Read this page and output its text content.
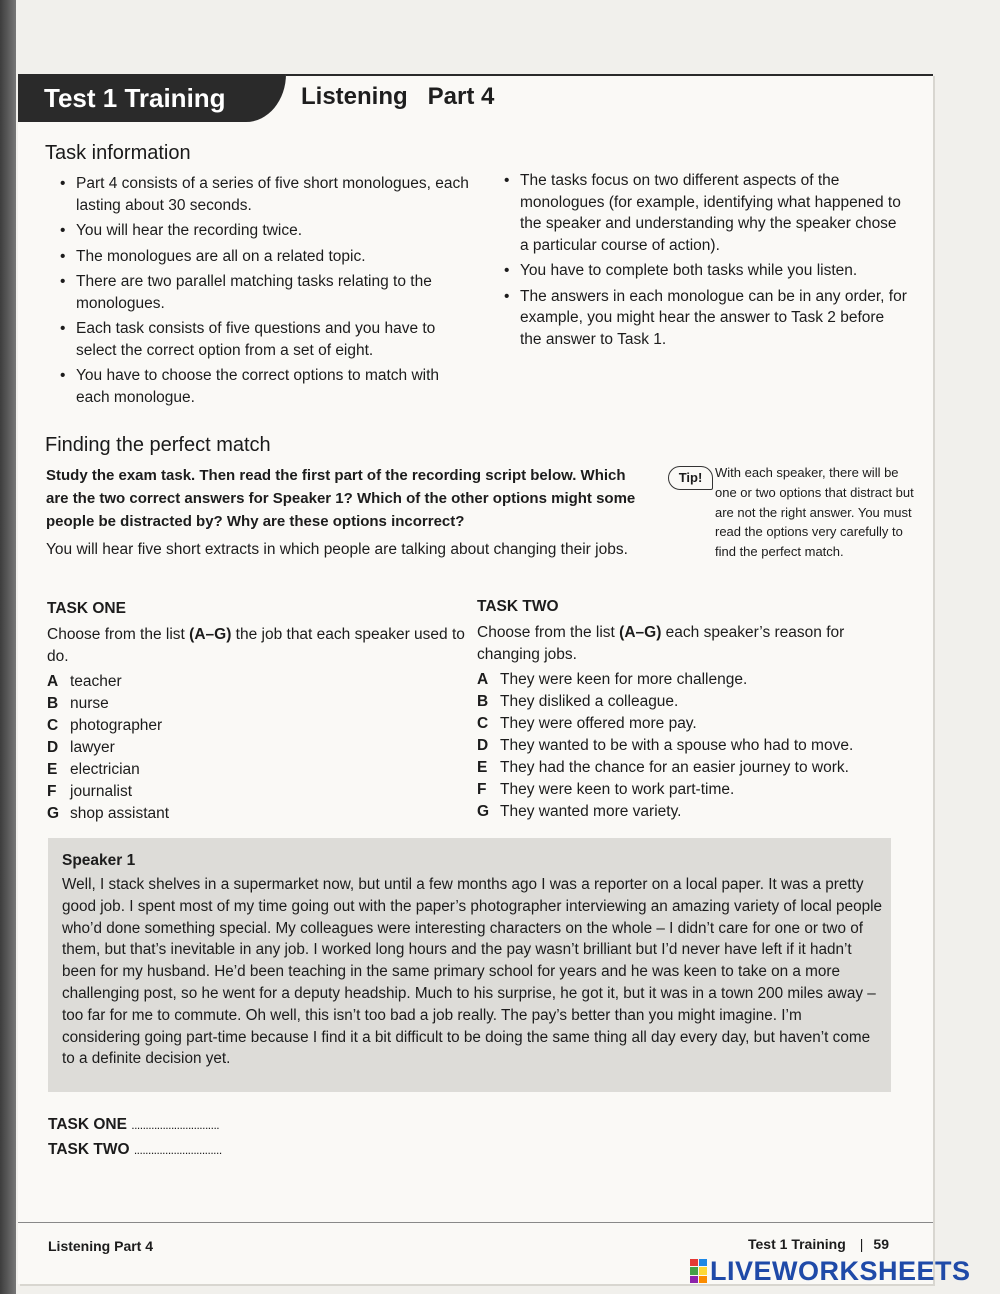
Test 1 Training	Listening Part 4
Task information
• Part 4 consists of a series of five short monologues, each lasting about 30 seconds.
• You will hear the recording twice.
• The monologues are all on a related topic.
• There are two parallel matching tasks relating to the monologues.
• Each task consists of five questions and you have to select the correct option from a set of eight.
• You have to choose the correct options to match with each monologue.
• The tasks focus on two different aspects of the monologues (for example, identifying what happened to the speaker and understanding why the speaker chose a particular course of action).
• You have to complete both tasks while you listen.
• The answers in each monologue can be in any order, for example, you might hear the answer to Task 2 before the answer to Task 1.
Finding the perfect match
Study the exam task. Then read the first part of the recording script below. Which are the two correct answers for Speaker 1? Which of the other options might some people be distracted by? Why are these options incorrect?
You will hear five short extracts in which people are talking about changing their jobs.
Tip! With each speaker, there will be one or two options that distract but are not the right answer. You must read the options very carefully to find the perfect match.
TASK ONE
Choose from the list (A–G) the job that each speaker used to do.
A teacher
B nurse
C photographer
D lawyer
E electrician
F journalist
G shop assistant
TASK TWO
Choose from the list (A–G) each speaker’s reason for changing jobs.
A They were keen for more challenge.
B They disliked a colleague.
C They were offered more pay.
D They wanted to be with a spouse who had to move.
E They had the chance for an easier journey to work.
F They were keen to work part-time.
G They wanted more variety.
Speaker 1
Well, I stack shelves in a supermarket now, but until a few months ago I was a reporter on a local paper. It was a pretty good job. I spent most of my time going out with the paper’s photographer interviewing an amazing variety of local people who’d done something special. My colleagues were interesting characters on the whole – I didn’t care for one or two of them, but that’s inevitable in any job. I worked long hours and the pay wasn’t brilliant but I’d never have left if it hadn’t been for my husband. He’d been teaching in the same primary school for years and he was keen to take on a more challenging post, so he went for a deputy headship. Much to his surprise, he got it, but it was in a town 200 miles away – too far for me to commute. Oh well, this isn’t too bad a job really. The pay’s better than you might imagine. I’m considering going part-time because I find it a bit difficult to be doing the same thing all day every day, but haven’t come to a definite decision yet.
TASK ONE ...............................
TASK TWO ...............................
Listening Part 4	Test 1 Training | 59
LIVEWORKSHEETS
